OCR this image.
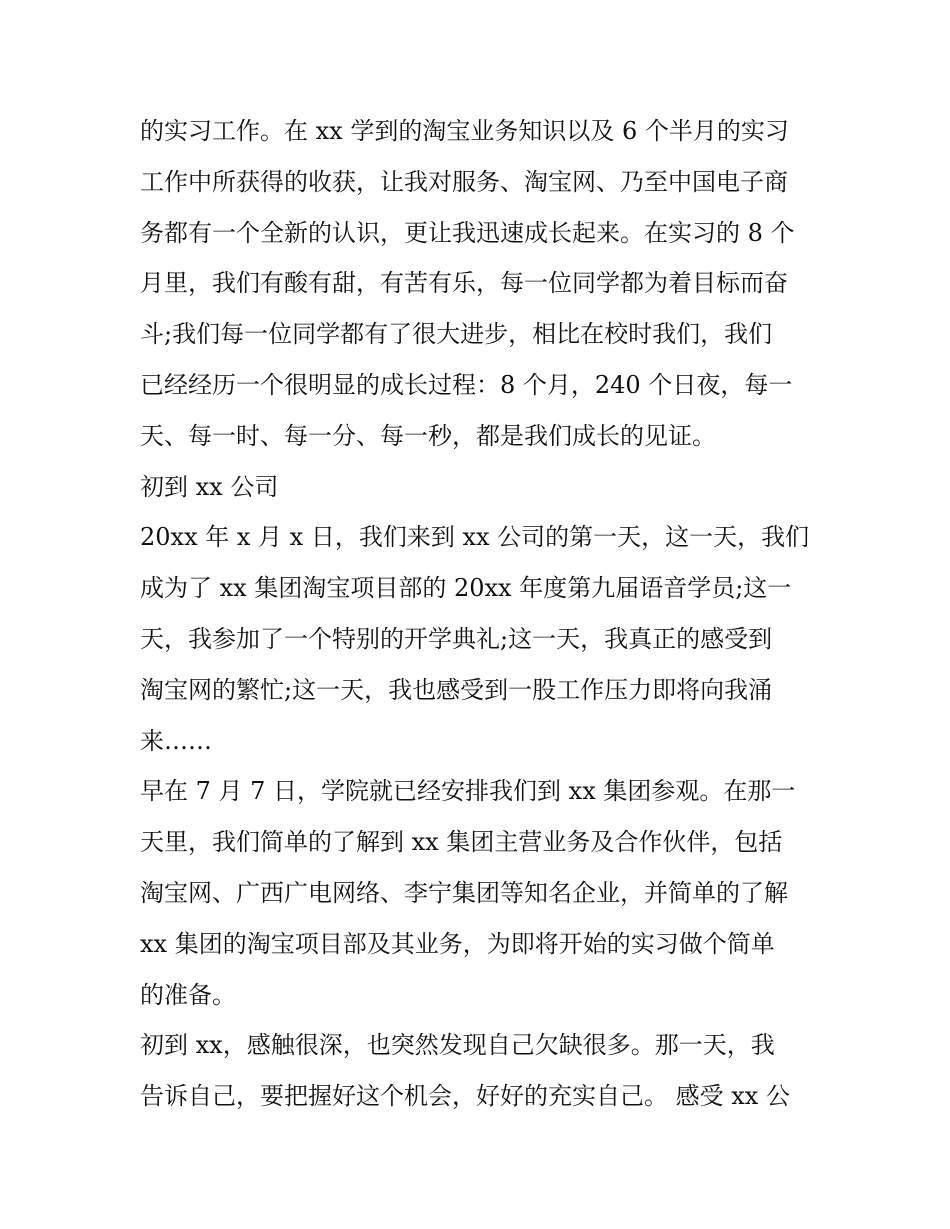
的实习工作。在 xx 学到的淘宝业务知识以及 6 个半月的实习
工作中所获得的收获，让我对服务、淘宝网、乃至中国电子商
务都有一个全新的认识，更让我迅速成长起来。在实习的 8 个
月里，我们有酸有甜，有苦有乐，每一位同学都为着目标而奋
斗;我们每一位同学都有了很大进步，相比在校时我们，我们
已经经历一个很明显的成长过程：8 个月，240 个日夜，每一
天、每一时、每一分、每一秒，都是我们成长的见证。
初到 xx 公司
20xx 年 x 月 x 日，我们来到 xx 公司的第一天，这一天，我们
成为了 xx 集团淘宝项目部的 20xx 年度第九届语音学员;这一
天，我参加了一个特别的开学典礼;这一天，我真正的感受到
淘宝网的繁忙;这一天，我也感受到一股工作压力即将向我涌
来……
早在 7 月 7 日，学院就已经安排我们到 xx 集团参观。在那一
天里，我们简单的了解到 xx 集团主营业务及合作伙伴，包括
淘宝网、广西广电网络、李宁集团等知名企业，并简单的了解
xx 集团的淘宝项目部及其业务，为即将开始的实习做个简单
的准备。
初到 xx，感触很深，也突然发现自己欠缺很多。那一天，我
告诉自己，要把握好这个机会，好好的充实自己。 感受 xx 公
